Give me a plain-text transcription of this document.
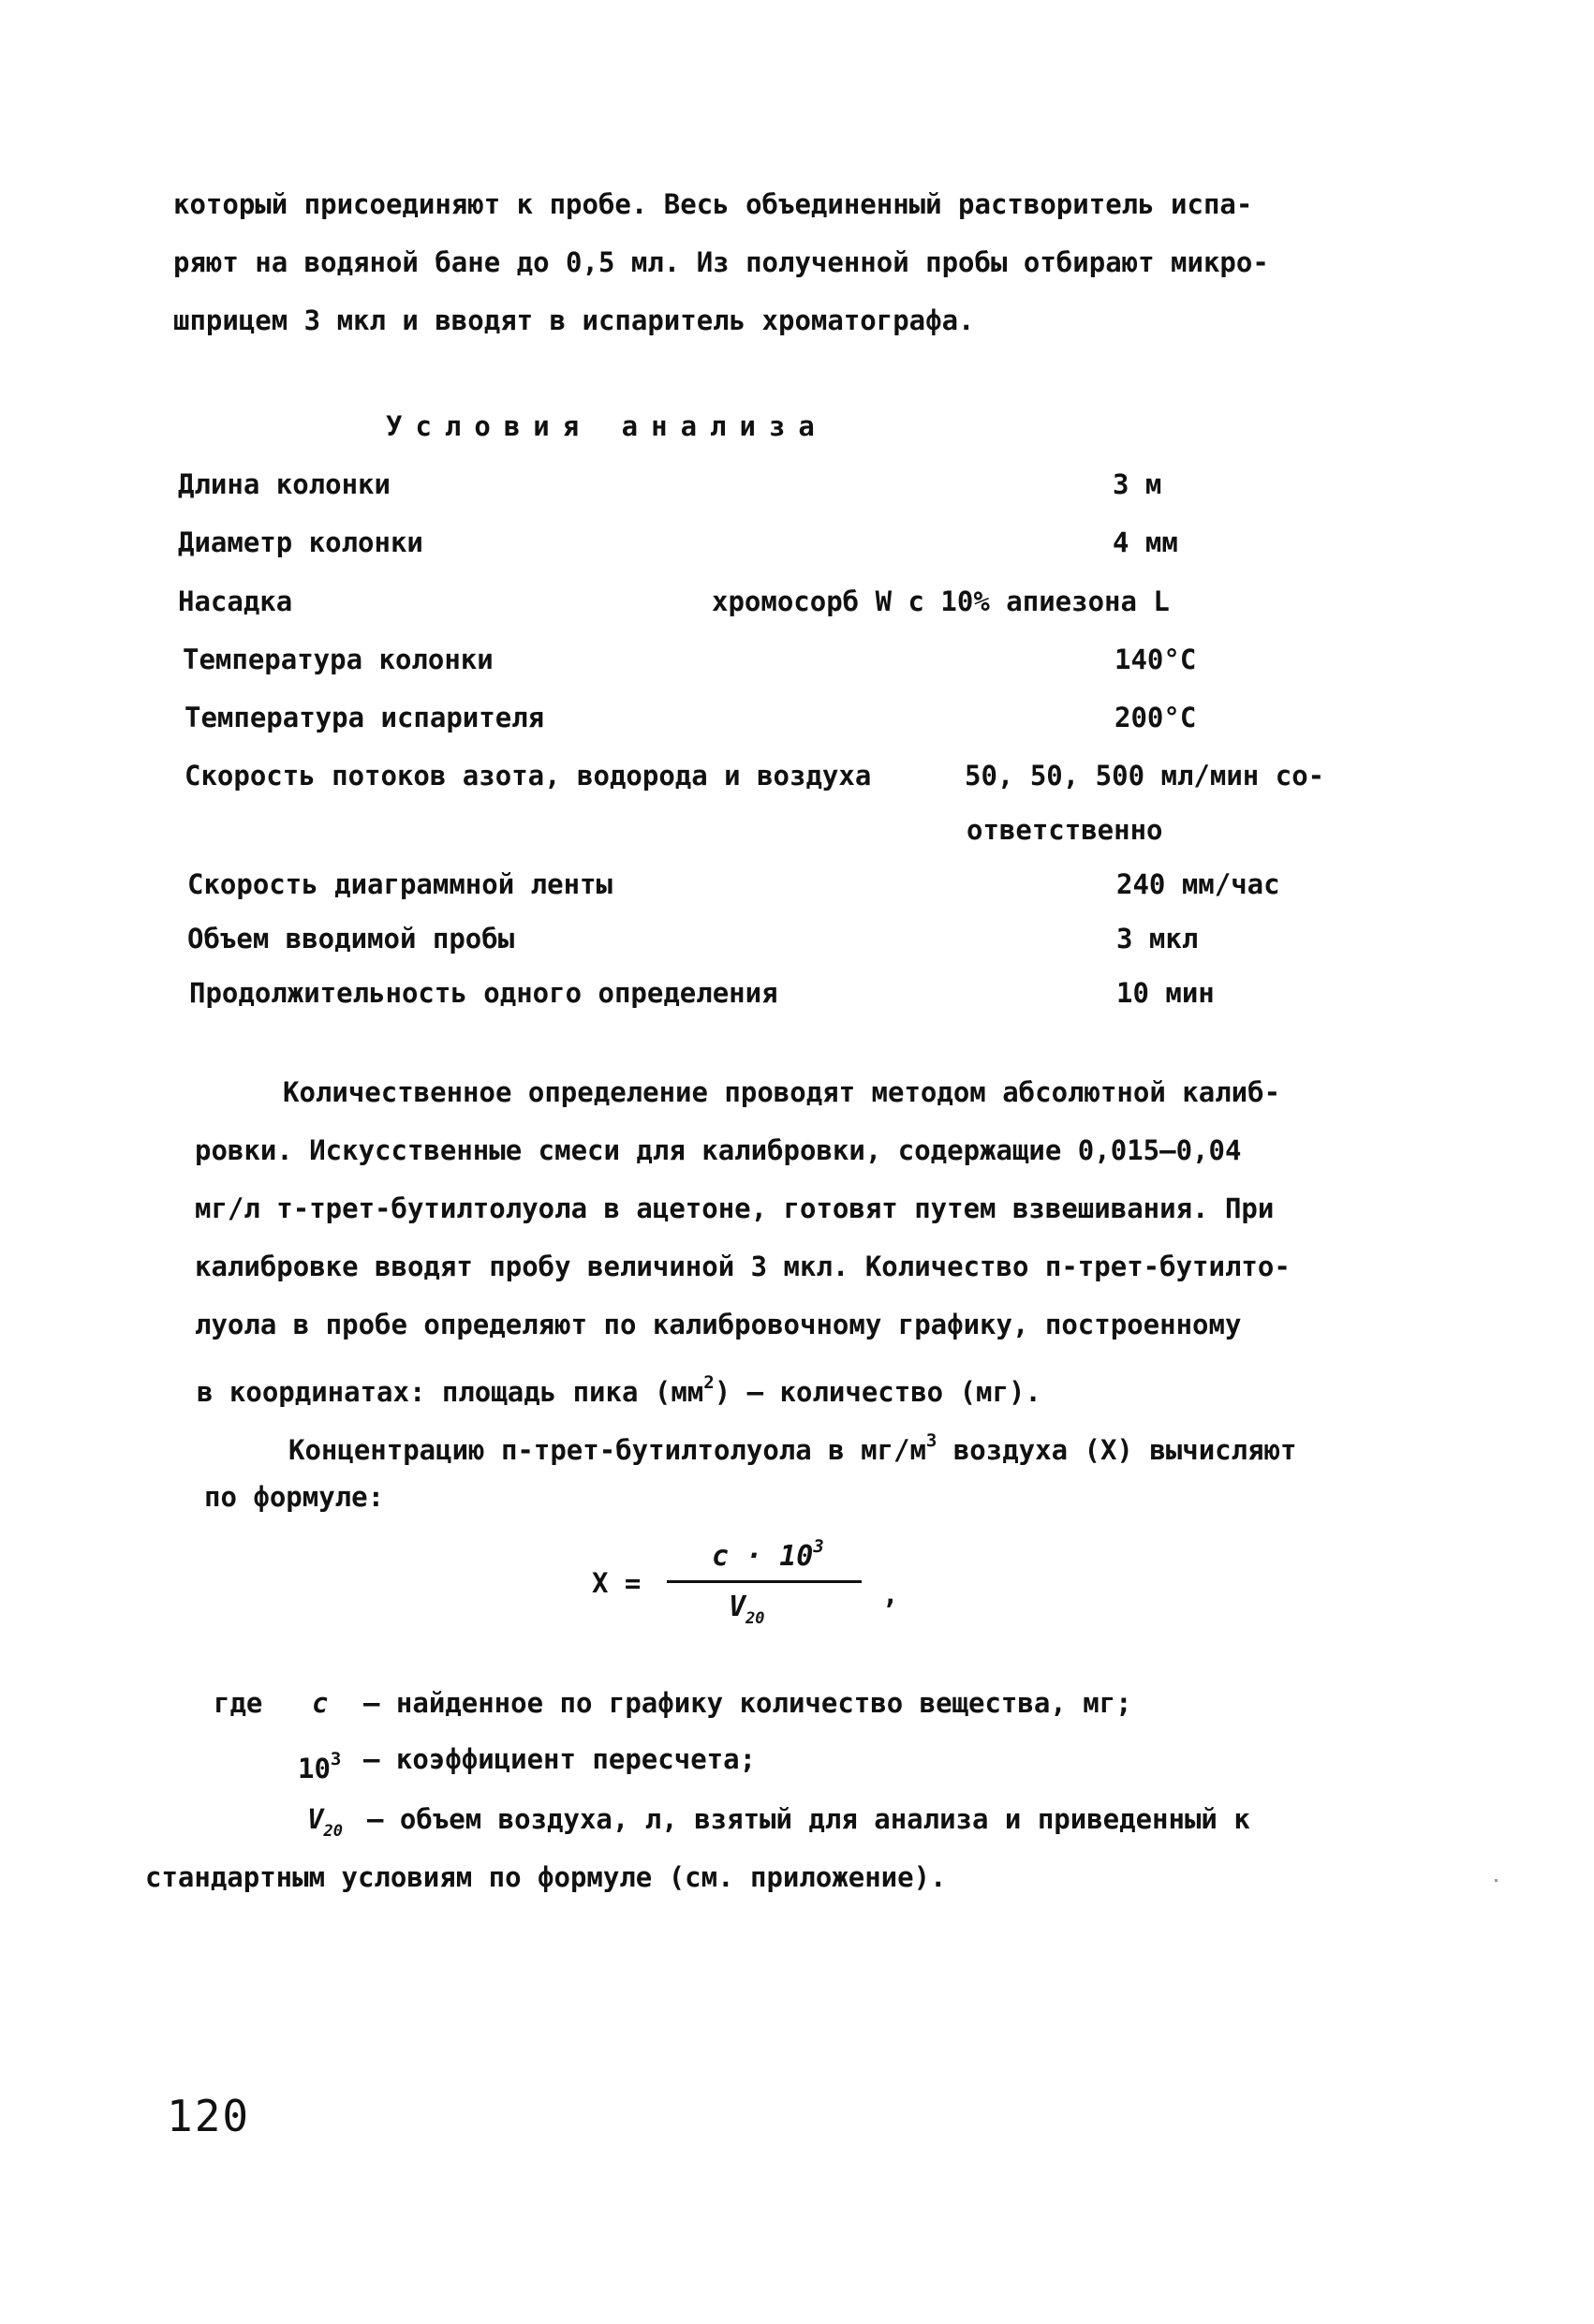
который присоединяют к пробе. Весь объединенный растворитель испа-
ряют на водяной бане до 0,5 мл. Из полученной пробы отбирают микро-
шприцем 3 мкл и вводят в испаритель хроматографа.
Условия анализа
Длина колонки	3 м
Диаметр колонки	4 мм
Насадка	хромосорб W с 10% апиезона L
Температура колонки	140°С
Температура испарителя	200°С
Скорость потоков азота, водорода и воздуха	50, 50, 500 мл/мин со-
ответственно
Скорость диаграммной ленты	240 мм/час
Объем вводимой пробы	3 мкл
Продолжительность одного определения	10 мин
Количественное определение проводят методом абсолютной калиб-
ровки. Искусственные смеси для калибровки, содержащие 0,015–0,04
мг/л т-трет-бутилтолуола в ацетоне, готовят путем взвешивания. При
калибровке вводят пробу величиной 3 мкл. Количество п-трет-бутилто-
луола в пробе определяют по калибровочному графику, построенному
в координатах: площадь пика $(мм^2)$ – количество (мг).
Концентрацию п-трет-бутилтолуола в $мг/м^3$ воздуха (X) вычисляют
по формуле:
X =
$с \cdot 10^3$
$V_{20}$
,
где с – найденное по графику количество вещества, мг;
$10^3$ – коэффициент пересчета;
$V_{20}$ – объем воздуха, л, взятый для анализа и приведенный к
стандартным условиям по формуле (см. приложение).
120
